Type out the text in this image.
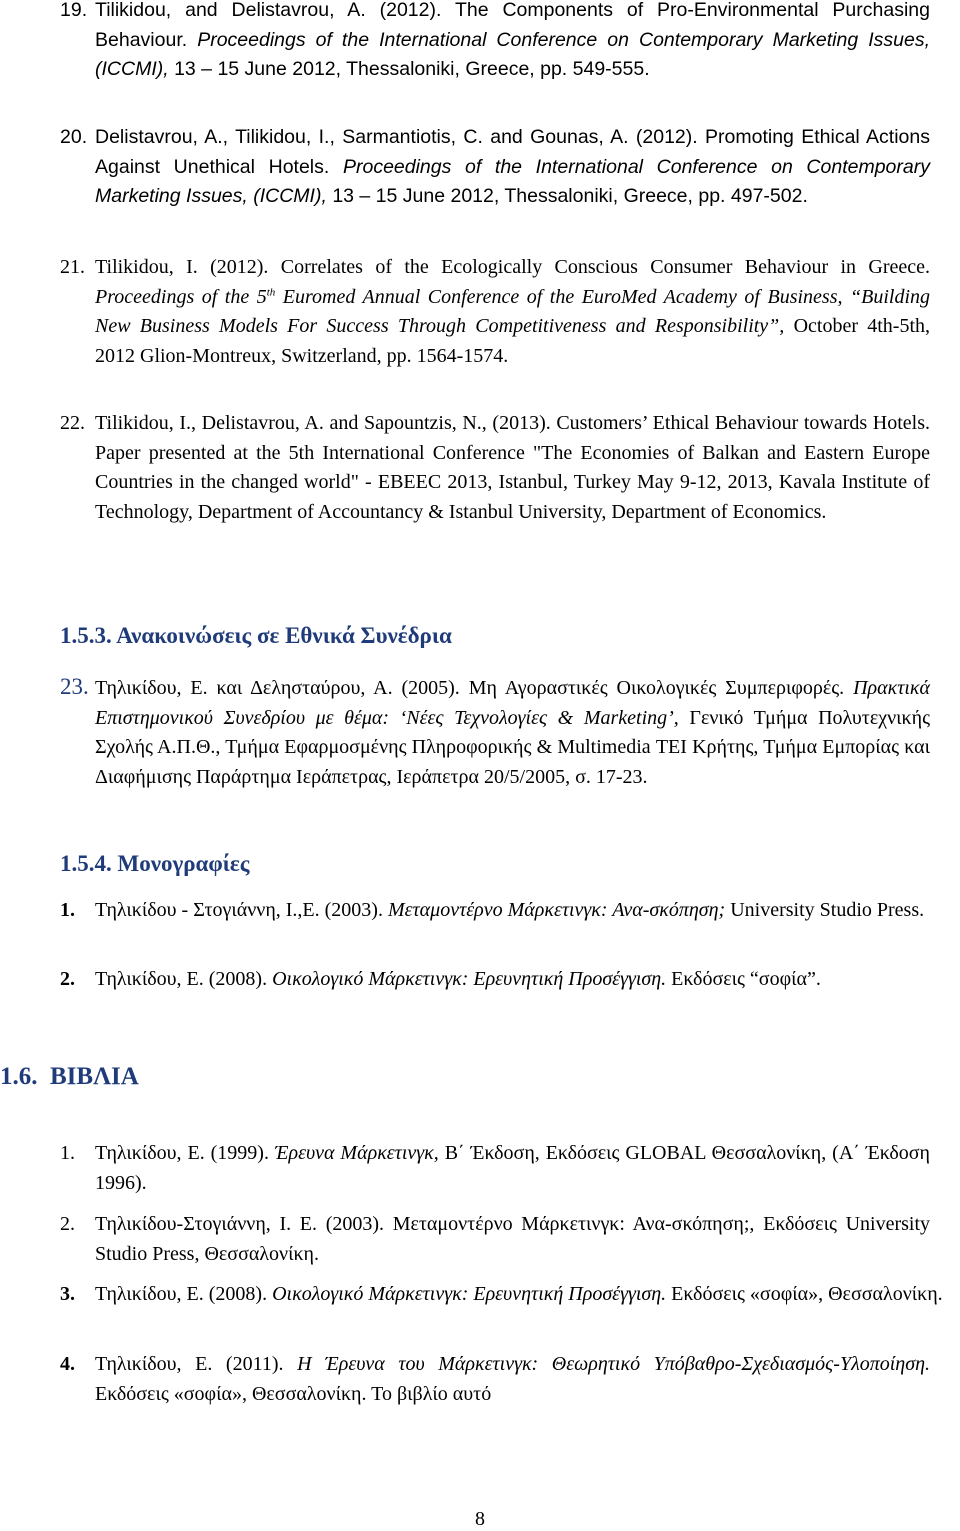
19. Tilikidou, and Delistavrou, A. (2012). The Components of Pro-Environmental Purchasing Behaviour. Proceedings of the International Conference on Contemporary Marketing Issues, (ICCMI), 13 – 15 June 2012, Thessaloniki, Greece, pp. 549-555.

20. Delistavrou, A., Tilikidou, I., Sarmantiotis, C. and Gounas, A. (2012). Promoting Ethical Actions Against Unethical Hotels. Proceedings of the International Conference on Contemporary Marketing Issues, (ICCMI), 13 – 15 June 2012, Thessaloniki, Greece, pp. 497-502.

21. Tilikidou, I. (2012). Correlates of the Ecologically Conscious Consumer Behaviour in Greece. Proceedings of the 5th Euromed Annual Conference of the EuroMed Academy of Business, “Building New Business Models For Success Through Competitiveness and Responsibility”, October 4th-5th, 2012 Glion-Montreux, Switzerland, pp. 1564-1574.

22. Tilikidou, I., Delistavrou, A. and Sapountzis, N., (2013). Customers’ Ethical Behaviour towards Hotels. Paper presented at the 5th International Conference "The Economies of Balkan and Eastern Europe Countries in the changed world" - EBEEC 2013, Istanbul, Turkey May 9-12, 2013, Kavala Institute of Technology, Department of Accountancy & Istanbul University, Department of Economics.

1.5.3. Ανακοινώσεις σε Εθνικά Συνέδρια

23. Τηλικίδου, Ε. και Δελησταύρου, Α. (2005). Μη Αγοραστικές Οικολογικές Συμπεριφορές. Πρακτικά Επιστημονικού Συνεδρίου με θέμα: ‘Νέες Τεχνολογίες & Marketing’, Γενικό Τμήμα Πολυτεχνικής Σχολής Α.Π.Θ., Τμήμα Εφαρμοσμένης Πληροφορικής & Multimedia ΤΕΙ Κρήτης, Τμήμα Εμπορίας και Διαφήμισης Παράρτημα Ιεράπετρας, Ιεράπετρα 20/5/2005, σ. 17-23.

1.5.4. Μονογραφίες

1. Τηλικίδου - Στογιάννη, Ι.,Ε. (2003). Μεταμοντέρνο Μάρκετινγκ: Ανα-σκόπηση; University Studio Press.

2. Τηλικίδου, Ε. (2008). Οικολογικό Μάρκετινγκ: Ερευνητική Προσέγγιση. Εκδόσεις “σοφία”.

1.6.  ΒΙΒΛΙΑ

1. Τηλικίδου, Ε. (1999). Έρευνα Μάρκετινγκ, Β΄ Έκδοση, Εκδόσεις GLOBAL Θεσσαλονίκη, (Α΄ Έκδοση 1996).

2. Τηλικίδου-Στογιάννη, Ι. Ε. (2003). Μεταμοντέρνο Μάρκετινγκ: Ανα-σκόπηση;, Εκδόσεις University Studio Press, Θεσσαλονίκη.

3. Τηλικίδου, Ε. (2008). Οικολογικό Μάρκετινγκ: Ερευνητική Προσέγγιση. Εκδόσεις «σοφία», Θεσσαλονίκη.

4. Τηλικίδου, Ε. (2011). Η Έρευνα του Μάρκετινγκ: Θεωρητικό Υπόβαθρο-Σχεδιασμός-Υλοποίηση. Εκδόσεις «σοφία», Θεσσαλονίκη. Το βιβλίο αυτό

8
